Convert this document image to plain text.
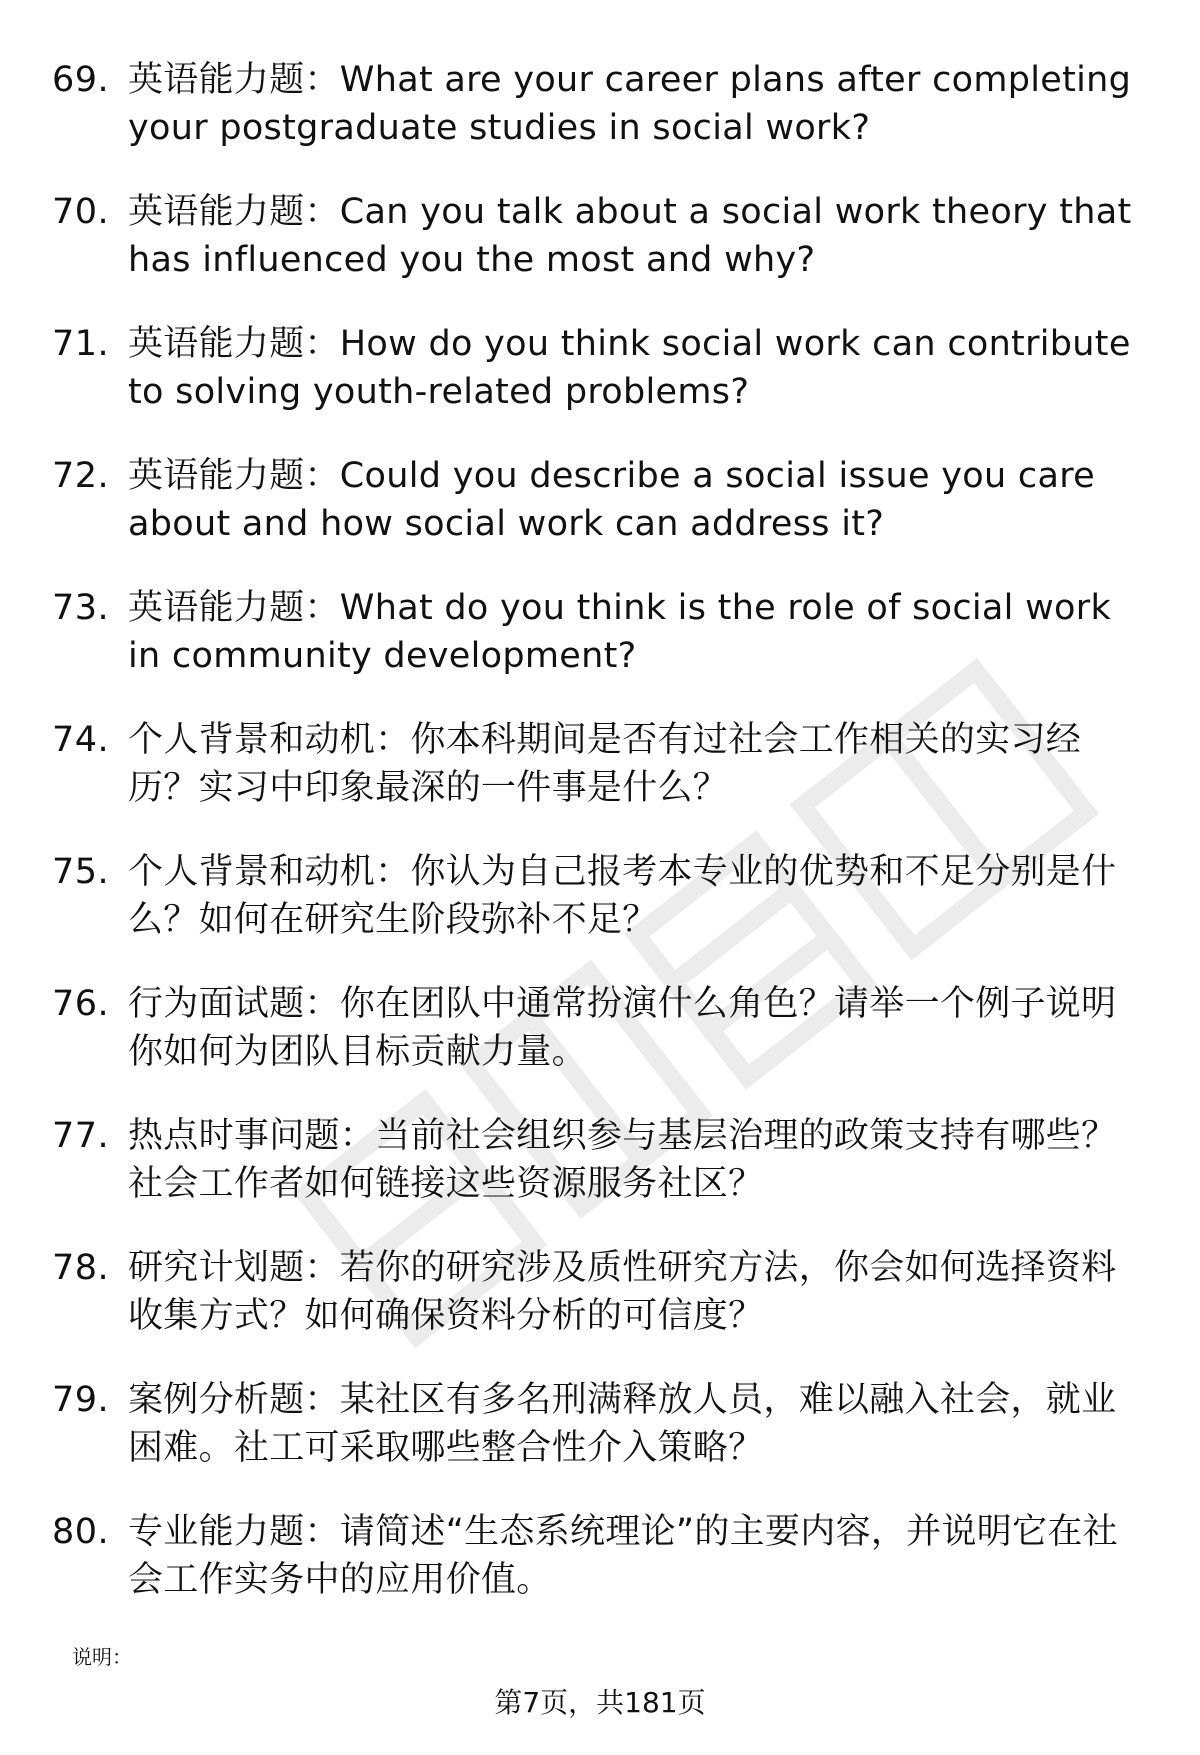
69. 英语能力题：What are your career plans after completing your postgraduate studies in social work?
70. 英语能力题：Can you talk about a social work theory that has influenced you the most and why?
71. 英语能力题：How do you think social work can contribute to solving youth-related problems?
72. 英语能力题：Could you describe a social issue you care about and how social work can address it?
73. 英语能力题：What do you think is the role of social work in community development?
74. 个人背景和动机：你本科期间是否有过社会工作相关的实习经历？实习中印象最深的一件事是什么？
75. 个人背景和动机：你认为自己报考本专业的优势和不足分别是什么？如何在研究生阶段弥补不足？
76. 行为面试题：你在团队中通常扮演什么角色？请举一个例子说明你如何为团队目标贡献力量。
77. 热点时事问题：当前社会组织参与基层治理的政策支持有哪些？社会工作者如何链接这些资源服务社区？
78. 研究计划题：若你的研究涉及质性研究方法，你会如何选择资料收集方式？如何确保资料分析的可信度？
79. 案例分析题：某社区有多名刑满释放人员，难以融入社会，就业困难。社工可采取哪些整合性介入策略？
80. 专业能力题：请简述“生态系统理论”的主要内容，并说明它在社会工作实务中的应用价值。
说明：
第7页，共181页
